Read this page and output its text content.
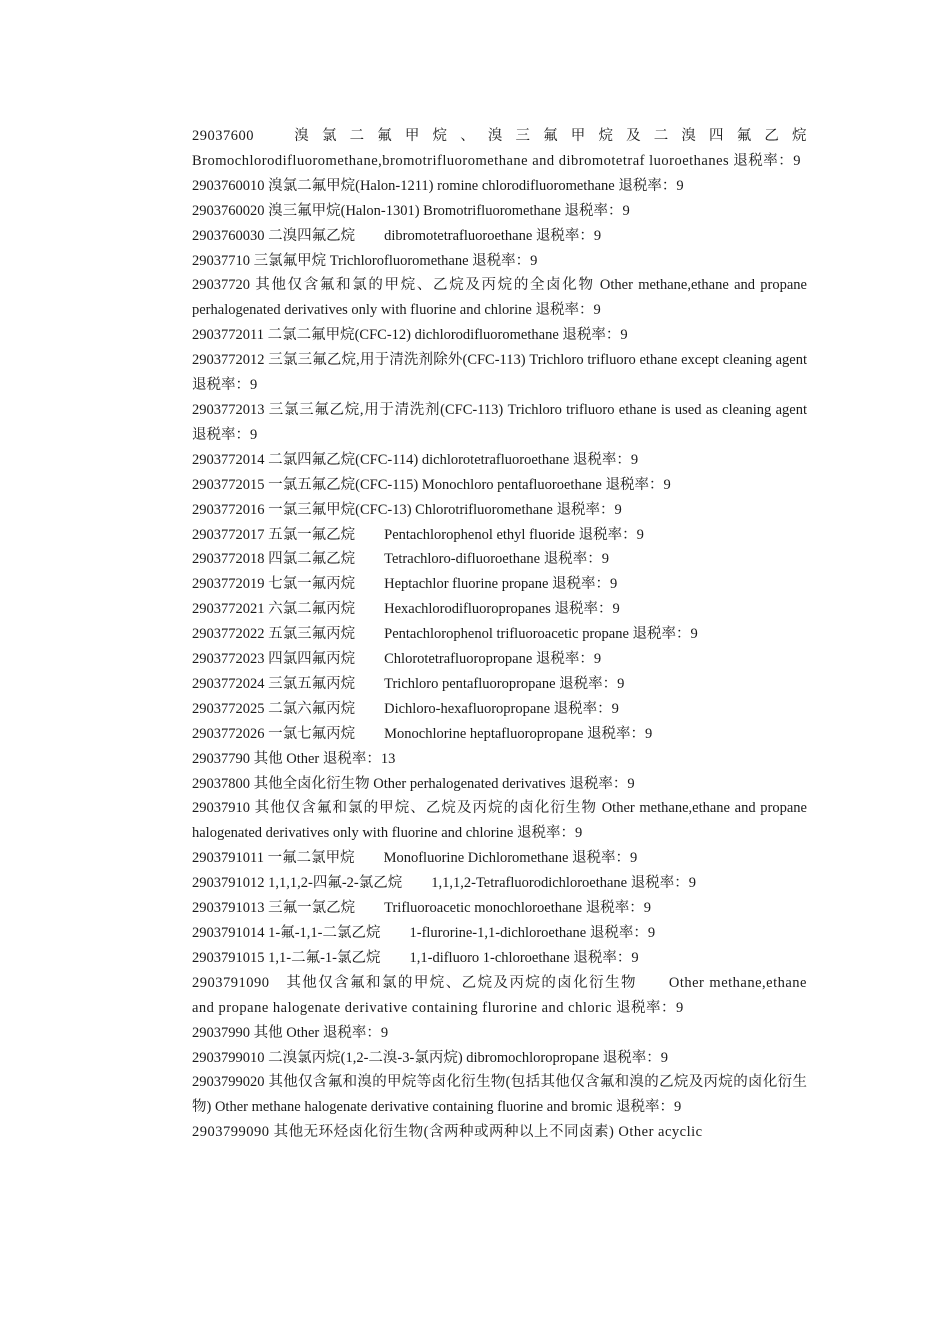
29037600　溴氯二氟甲烷、溴三氟甲烷及二溴四氟乙烷 Bromochlorodifluoromethane,bromotrifluoromethane and dibromotetraf luoroethanes 退税率：9

2903760010 溴氯二氟甲烷(Halon-1211) romine chlorodifluoromethane 退税率：9

2903760020 溴三氟甲烷(Halon-1301) Bromotrifluoromethane 退税率：9

2903760030 二溴四氟乙烷　　dibromotetrafluoroethane 退税率：9

29037710 三氯氟甲烷 Trichlorofluoromethane 退税率：9

29037720 其他仅含氟和氯的甲烷、乙烷及丙烷的全卤化物 Other methane,ethane and propane perhalogenated derivatives only with fluorine and chlorine 退税率：9

2903772011 二氯二氟甲烷(CFC-12) dichlorodifluoromethane 退税率：9

2903772012 三氯三氟乙烷,用于清洗剂除外(CFC-113) Trichloro trifluoro ethane except cleaning agent 退税率：9

2903772013 三氯三氟乙烷,用于清洗剂(CFC-113) Trichloro trifluoro ethane is used as cleaning agent 退税率：9

2903772014 二氯四氟乙烷(CFC-114) dichlorotetrafluoroethane 退税率：9

2903772015 一氯五氟乙烷(CFC-115) Monochloro pentafluoroethane 退税率：9

2903772016 一氯三氟甲烷(CFC-13) Chlorotrifluoromethane 退税率：9

2903772017 五氯一氟乙烷　　Pentachlorophenol ethyl fluoride 退税率：9

2903772018 四氯二氟乙烷　　Tetrachloro-difluoroethane 退税率：9

2903772019 七氯一氟丙烷　　Heptachlor fluorine propane 退税率：9

2903772021 六氯二氟丙烷　　Hexachlorodifluoropropanes 退税率：9

2903772022 五氯三氟丙烷　　Pentachlorophenol trifluoroacetic propane 退税率：9

2903772023 四氯四氟丙烷　　Chlorotetrafluoropropane 退税率：9

2903772024 三氯五氟丙烷　　Trichloro pentafluoropropane 退税率：9

2903772025 二氯六氟丙烷　　Dichloro-hexafluoropropane 退税率：9

2903772026 一氯七氟丙烷　　Monochlorine heptafluoropropane 退税率：9

29037790 其他 Other 退税率：13

29037800 其他全卤化衍生物 Other perhalogenated derivatives 退税率：9

29037910 其他仅含氟和氯的甲烷、乙烷及丙烷的卤化衍生物 Other methane,ethane and propane halogenated derivatives only with fluorine and chlorine 退税率：9

2903791011 一氟二氯甲烷　　Monofluorine Dichloromethane 退税率：9

2903791012 1,1,1,2-四氟-2-氯乙烷　　1,1,1,2-Tetrafluorodichloroethane 退税率：9

2903791013 三氟一氯乙烷　　Trifluoroacetic monochloroethane 退税率：9

2903791014 1-氟-1,1-二氯乙烷　　1-flurorine-1,1-dichloroethane 退税率：9

2903791015 1,1-二氟-1-氯乙烷　　1,1-difluoro 1-chloroethane 退税率：9

2903791090　其他仅含氟和氯的甲烷、乙烷及丙烷的卤化衍生物　　Other methane,ethane and propane halogenate derivative containing flurorine and chloric 退税率：9

29037990 其他 Other 退税率：9

2903799010 二溴氯丙烷(1,2-二溴-3-氯丙烷) dibromochloropropane 退税率：9

2903799020 其他仅含氟和溴的甲烷等卤化衍生物(包括其他仅含氟和溴的乙烷及丙烷的卤化衍生物) Other methane halogenate derivative containing fluorine and bromic 退税率：9

2903799090 其他无环烃卤化衍生物(含两种或两种以上不同卤素) Other acyclic
